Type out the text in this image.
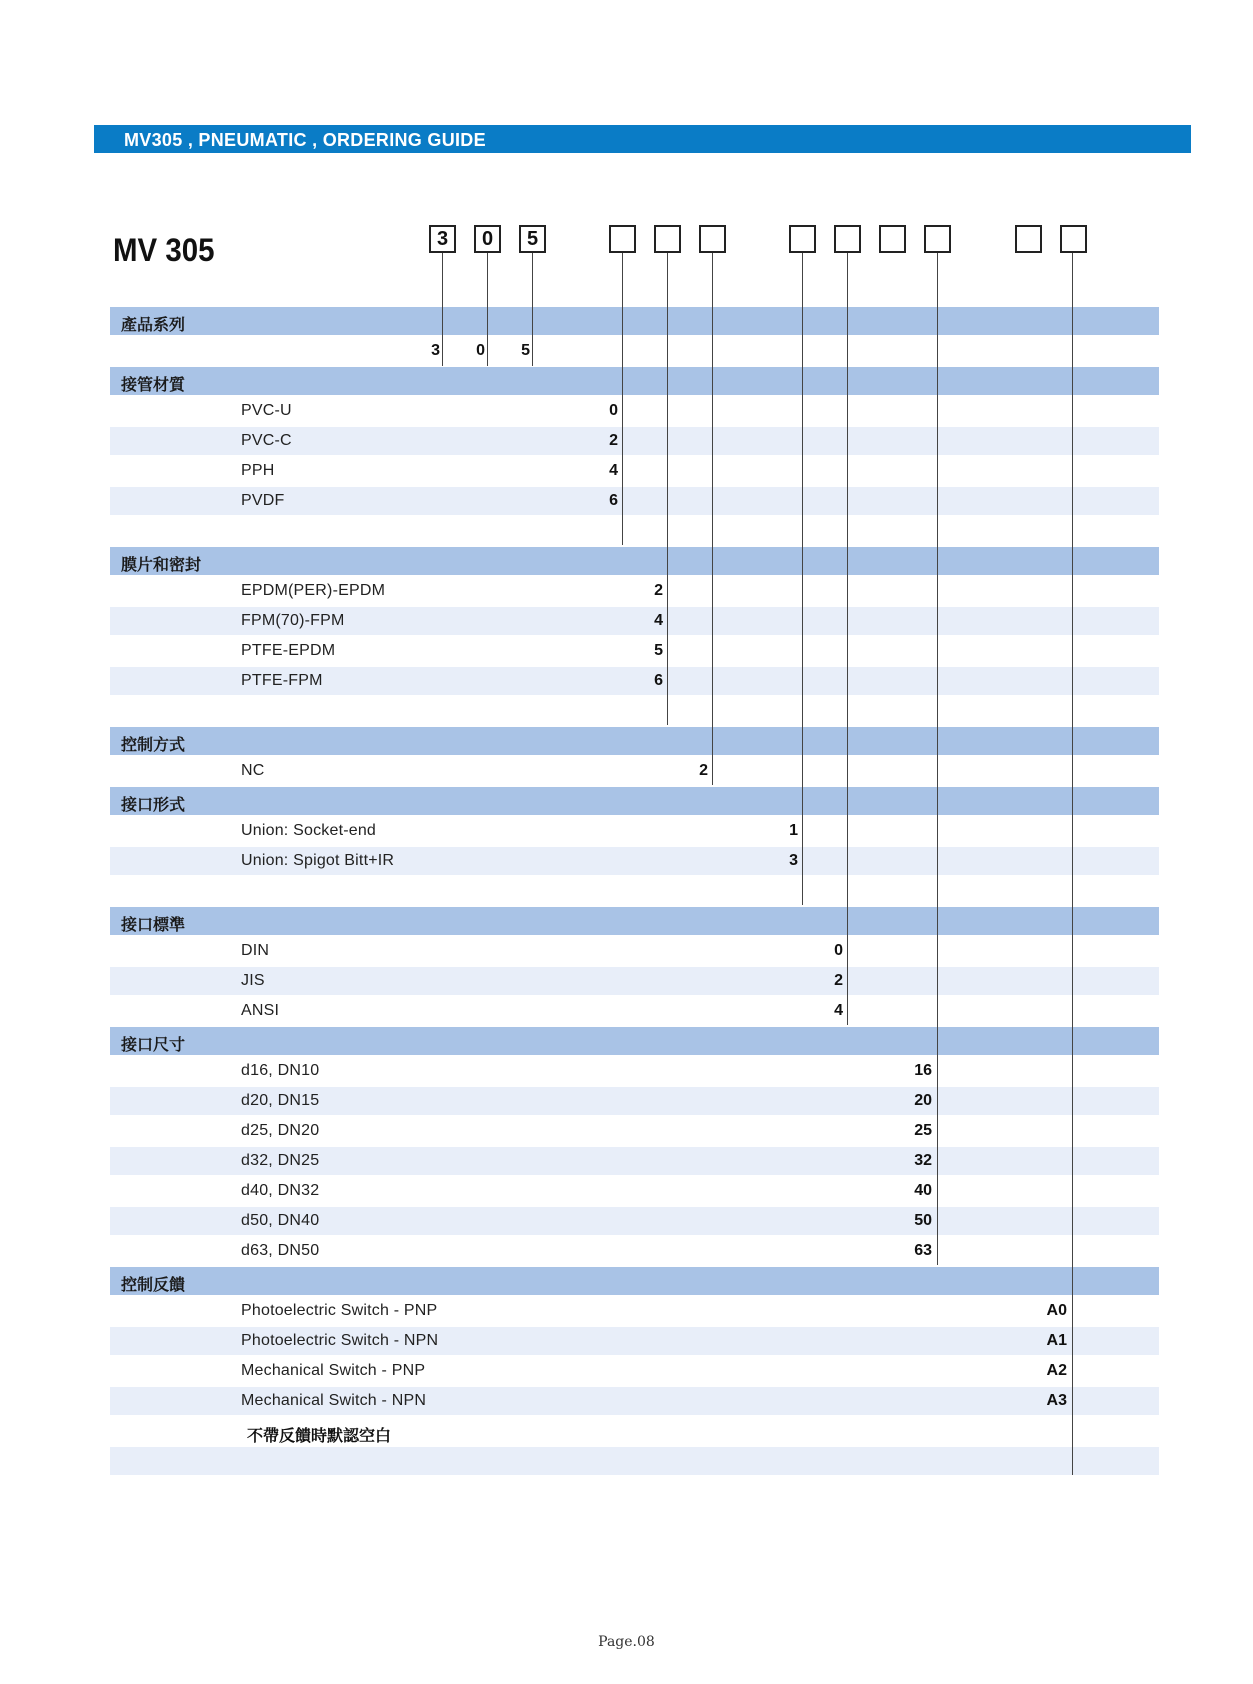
MV305 , PNEUMATIC , ORDERING GUIDE
MV 305	3	0	5
產品系列
3	0	5
接管材質
PVC-U	0
PVC-C	2
PPH	4
PVDF	6
膜片和密封
EPDM(PER)-EPDM	2
FPM(70)-FPM	4
PTFE-EPDM	5
PTFE-FPM	6
控制方式
NC	2
接口形式
Union: Socket-end	1
Union: Spigot Bitt+IR	3
接口標準
DIN	0
JIS	2
ANSI	4
接口尺寸
d16, DN10	16
d20, DN15	20
d25, DN20	25
d32, DN25	32
d40, DN32	40
d50, DN40	50
d63, DN50	63
控制反饋
Photoelectric Switch - PNP	A0
Photoelectric Switch - NPN	A1
Mechanical Switch - PNP	A2
Mechanical Switch - NPN	A3
不帶反饋時默認空白
Page.08
